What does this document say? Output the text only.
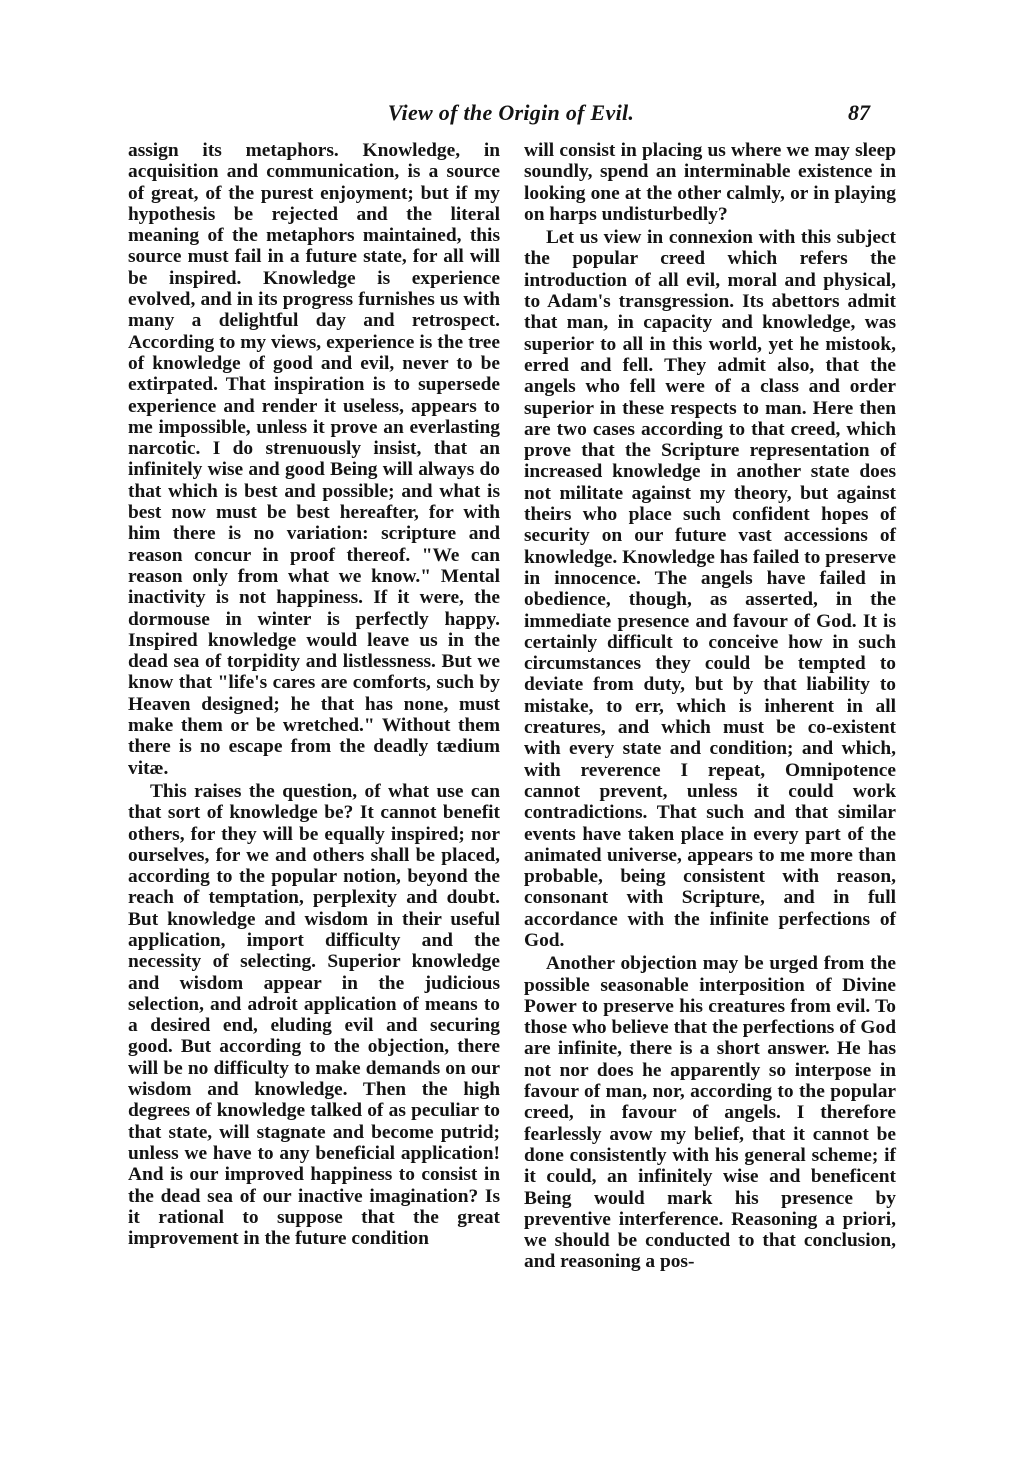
View of the Origin of Evil.	87

assign its metaphors. Knowledge, in acquisition and communication, is a source of great, of the purest enjoyment; but if my hypothesis be rejected and the literal meaning of the metaphors maintained, this source must fail in a future state, for all will be inspired. Knowledge is experience evolved, and in its progress furnishes us with many a delightful day and retrospect. According to my views, experience is the tree of knowledge of good and evil, never to be extirpated. That inspiration is to supersede experience and render it useless, appears to me impossible, unless it prove an everlasting narcotic. I do strenuously insist, that an infinitely wise and good Being will always do that which is best and possible; and what is best now must be best hereafter, for with him there is no variation: scripture and reason concur in proof thereof. "We can reason only from what we know." Mental inactivity is not happiness. If it were, the dormouse in winter is perfectly happy. Inspired knowledge would leave us in the dead sea of torpidity and listlessness. But we know that "life's cares are comforts, such by Heaven designed; he that has none, must make them or be wretched." Without them there is no escape from the deadly tædium vitæ.

This raises the question, of what use can that sort of knowledge be? It cannot benefit others, for they will be equally inspired; nor ourselves, for we and others shall be placed, according to the popular notion, beyond the reach of temptation, perplexity and doubt. But knowledge and wisdom in their useful application, import difficulty and the necessity of selecting. Superior knowledge and wisdom appear in the judicious selection, and adroit application of means to a desired end, eluding evil and securing good. But according to the objection, there will be no difficulty to make demands on our wisdom and knowledge. Then the high degrees of knowledge talked of as peculiar to that state, will stagnate and become putrid; unless we have to any beneficial application! And is our improved happiness to consist in the dead sea of our inactive imagination? Is it rational to suppose that the great improvement in the future condition

will consist in placing us where we may sleep soundly, spend an interminable existence in looking one at the other calmly, or in playing on harps undisturbedly?

Let us view in connexion with this subject the popular creed which refers the introduction of all evil, moral and physical, to Adam's transgression. Its abettors admit that man, in capacity and knowledge, was superior to all in this world, yet he mistook, erred and fell. They admit also, that the angels who fell were of a class and order superior in these respects to man. Here then are two cases according to that creed, which prove that the Scripture representation of increased knowledge in another state does not militate against my theory, but against theirs who place such confident hopes of security on our future vast accessions of knowledge. Knowledge has failed to preserve in innocence. The angels have failed in obedience, though, as asserted, in the immediate presence and favour of God. It is certainly difficult to conceive how in such circumstances they could be tempted to deviate from duty, but by that liability to mistake, to err, which is inherent in all creatures, and which must be co-existent with every state and condition; and which, with reverence I repeat, Omnipotence cannot prevent, unless it could work contradictions. That such and that similar events have taken place in every part of the animated universe, appears to me more than probable, being consistent with reason, consonant with Scripture, and in full accordance with the infinite perfections of God.

Another objection may be urged from the possible seasonable interposition of Divine Power to preserve his creatures from evil. To those who believe that the perfections of God are infinite, there is a short answer. He has not nor does he apparently so interpose in favour of man, nor, according to the popular creed, in favour of angels. I therefore fearlessly avow my belief, that it cannot be done consistently with his general scheme; if it could, an infinitely wise and beneficent Being would mark his presence by preventive interference. Reasoning a priori, we should be conducted to that conclusion, and reasoning a pos-
